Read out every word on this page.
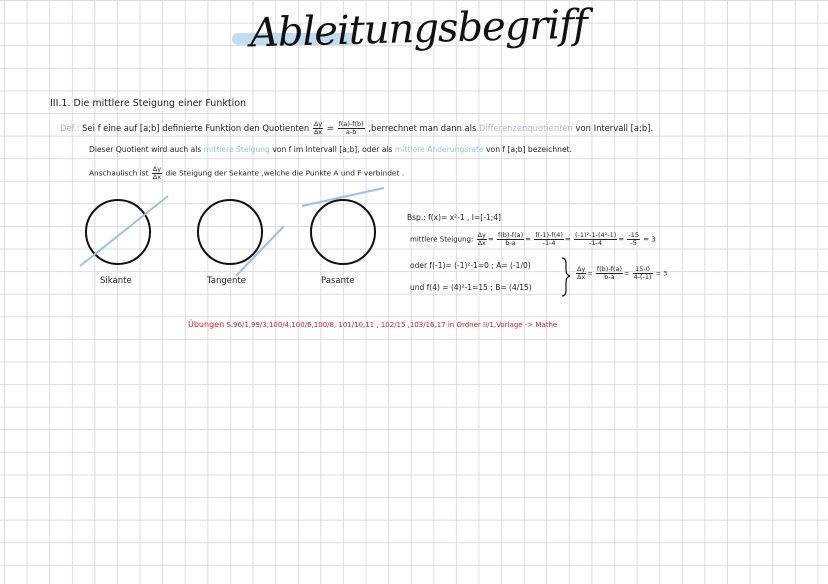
Ableitungsbegriff
III.1. Die mittlere Steigung einer Funktion
Def.: Sei f eine auf [a;b] definierte Funktion den Quotienten $\frac{\Delta y}{\Delta x} = \frac{f(a)-f(b)}{a-b}$ ,berrechnet man dann als Differenzenquotienten von Intervall [a;b].
Dieser Quotient wird auch als mittlere Steigung von f im Intervall [a;b], oder als mittlere Änderungsrate von f [a;b] bezeichnet.
Anschaulisch ist $\frac{\Delta y}{\Delta x}$ die Steigung der Sekante ,welche die Punkte A und F verbindet .
Sikante	Tangente	Pasante
Bsp.: f(x)= x²-1 , I=[-1;4]
mittlere Steigung: $\frac{\Delta y}{\Delta x} = \frac{f(b)-f(a)}{b-a} = \frac{f(-1)-f(4)}{-1-4} = \frac{\text{(-1)²-1-(4²-1)}}{-1-4} = \frac{-15}{-5} = 3$
oder f(-1)= (-1)²-1=0 ; A= (-1/0)
und f(4) = (4)²-1=15 ; B= (4/15)
$\frac{\Delta y}{\Delta x} = \frac{f(b)-f(a)}{b-a} = \frac{15-0}{4-(-1)} = 3$
Übungen S.96/1,99/3,100/4,100/6,100/8, 101/10,11 , 102/15 ,103/16,17 in Ordner II/1,Vorlage -> Mathe
